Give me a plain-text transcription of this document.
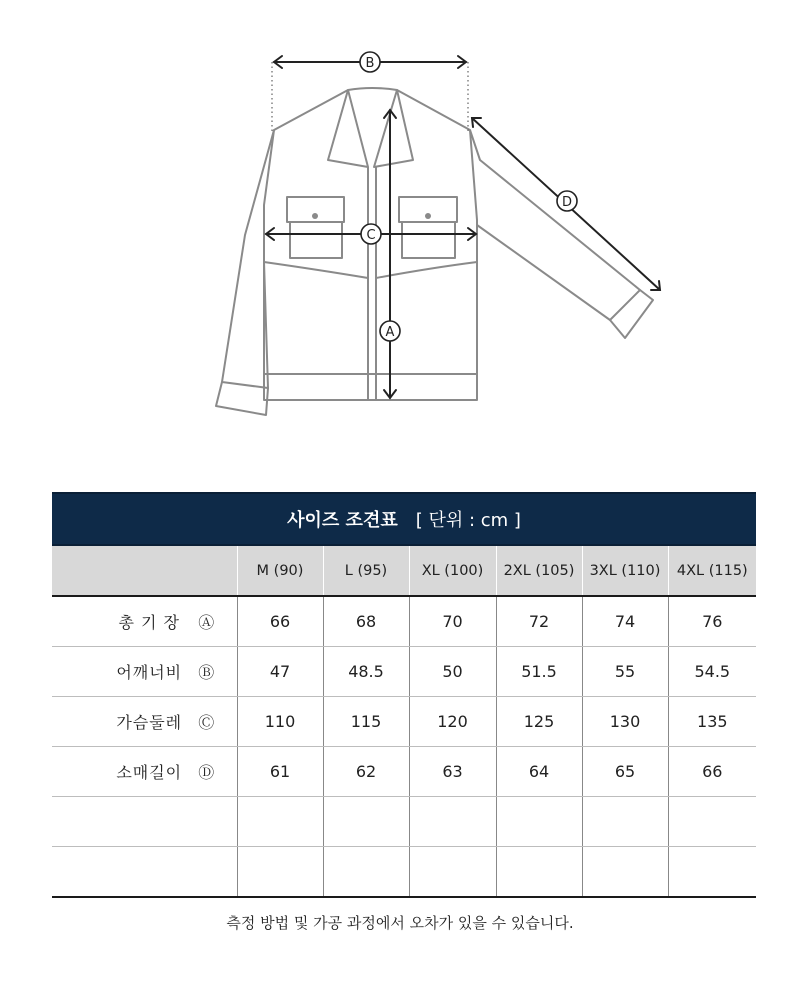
B
C
A
D
사이즈 조견표 [ 단위 : cm ]						
	M (90)	L (95)	XL (100)	2XL (105)	3XL (110)	4XL (115)
총 기 장 Ⓐ	66	68	70	72	74	76
어깨너비 Ⓑ	47	48.5	50	51.5	55	54.5
가슴둘레 Ⓒ	110	115	120	125	130	135
소매길이 Ⓓ	61	62	63	64	65	66

측정 방법 및 가공 과정에서 오차가 있을 수 있습니다.
